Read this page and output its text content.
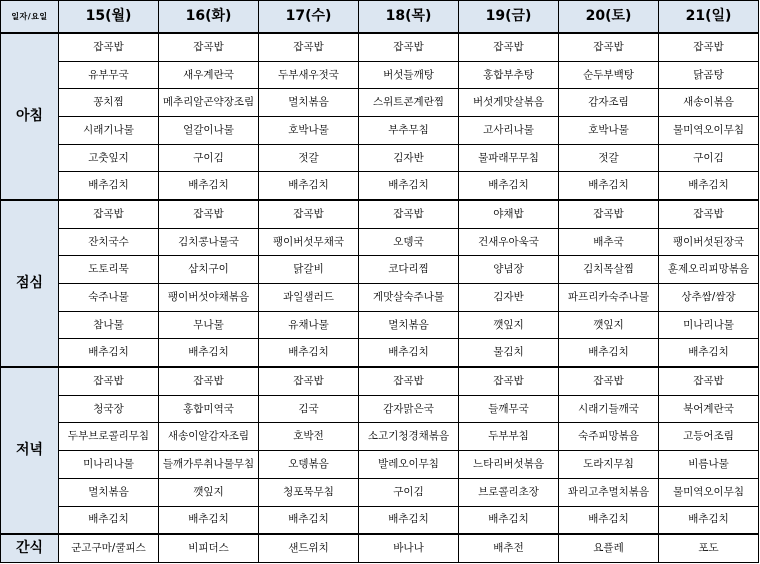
일자/요일	15(월)	16(화)	17(수)	18(목)	19(금)	20(토)	21(일)
아침	잡곡밥	잡곡밥	잡곡밥	잡곡밥	잡곡밥	잡곡밥	잡곡밥
	유부무국	새우계란국	두부새우젓국	버섯들깨탕	홍합부추탕	순두부백탕	닭곰탕
	꽁치찜	메추리알곤약장조림	멸치볶음	스위트콘계란찜	버섯게맛살볶음	감자조림	새송이볶음
	시래기나물	얼갈이나물	호박나물	부추무침	고사리나물	호박나물	물미역오이무침
	고춧잎지	구이김	젓갈	김자반	물파래무무침	젓갈	구이김
	배추김치	배추김치	배추김치	배추김치	배추김치	배추김치	배추김치
점심	잡곡밥	잡곡밥	잡곡밥	잡곡밥	야채밥	잡곡밥	잡곡밥
	잔치국수	김치콩나물국	팽이버섯무채국	오뎅국	건새우아욱국	배추국	팽이버섯된장국
	도토리묵	삼치구이	닭갈비	코다리찜	양념장	김치목살찜	훈제오리피망볶음
	숙주나물	팽이버섯야채볶음	과일샐러드	게맛살숙주나물	김자반	파프리카숙주나물	상추쌈/쌈장
	참나물	무나물	유채나물	멸치볶음	깻잎지	깻잎지	미나리나물
	배추김치	배추김치	배추김치	배추김치	물김치	배추김치	배추김치
저녁	잡곡밥	잡곡밥	잡곡밥	잡곡밥	잡곡밥	잡곡밥	잡곡밥
	청국장	홍합미역국	김국	감자맑은국	들깨무국	시래기들깨국	북어계란국
	두부브로콜리무침	새송이알감자조림	호박전	소고기청경채볶음	두부부침	숙주피망볶음	고등어조림
	미나리나물	들깨가루취나물무침	오뎅볶음	발레오이무침	느타리버섯볶음	도라지무침	비름나물
	멸치볶음	깻잎지	청포묵무침	구이김	브로콜리초장	꽈리고추멸치볶음	물미역오이무침
	배추김치	배추김치	배추김치	배추김치	배추김치	배추김치	배추김치
간식	군고구마/쿨피스	비피더스	샌드위치	바나나	배추전	요플레	포도
